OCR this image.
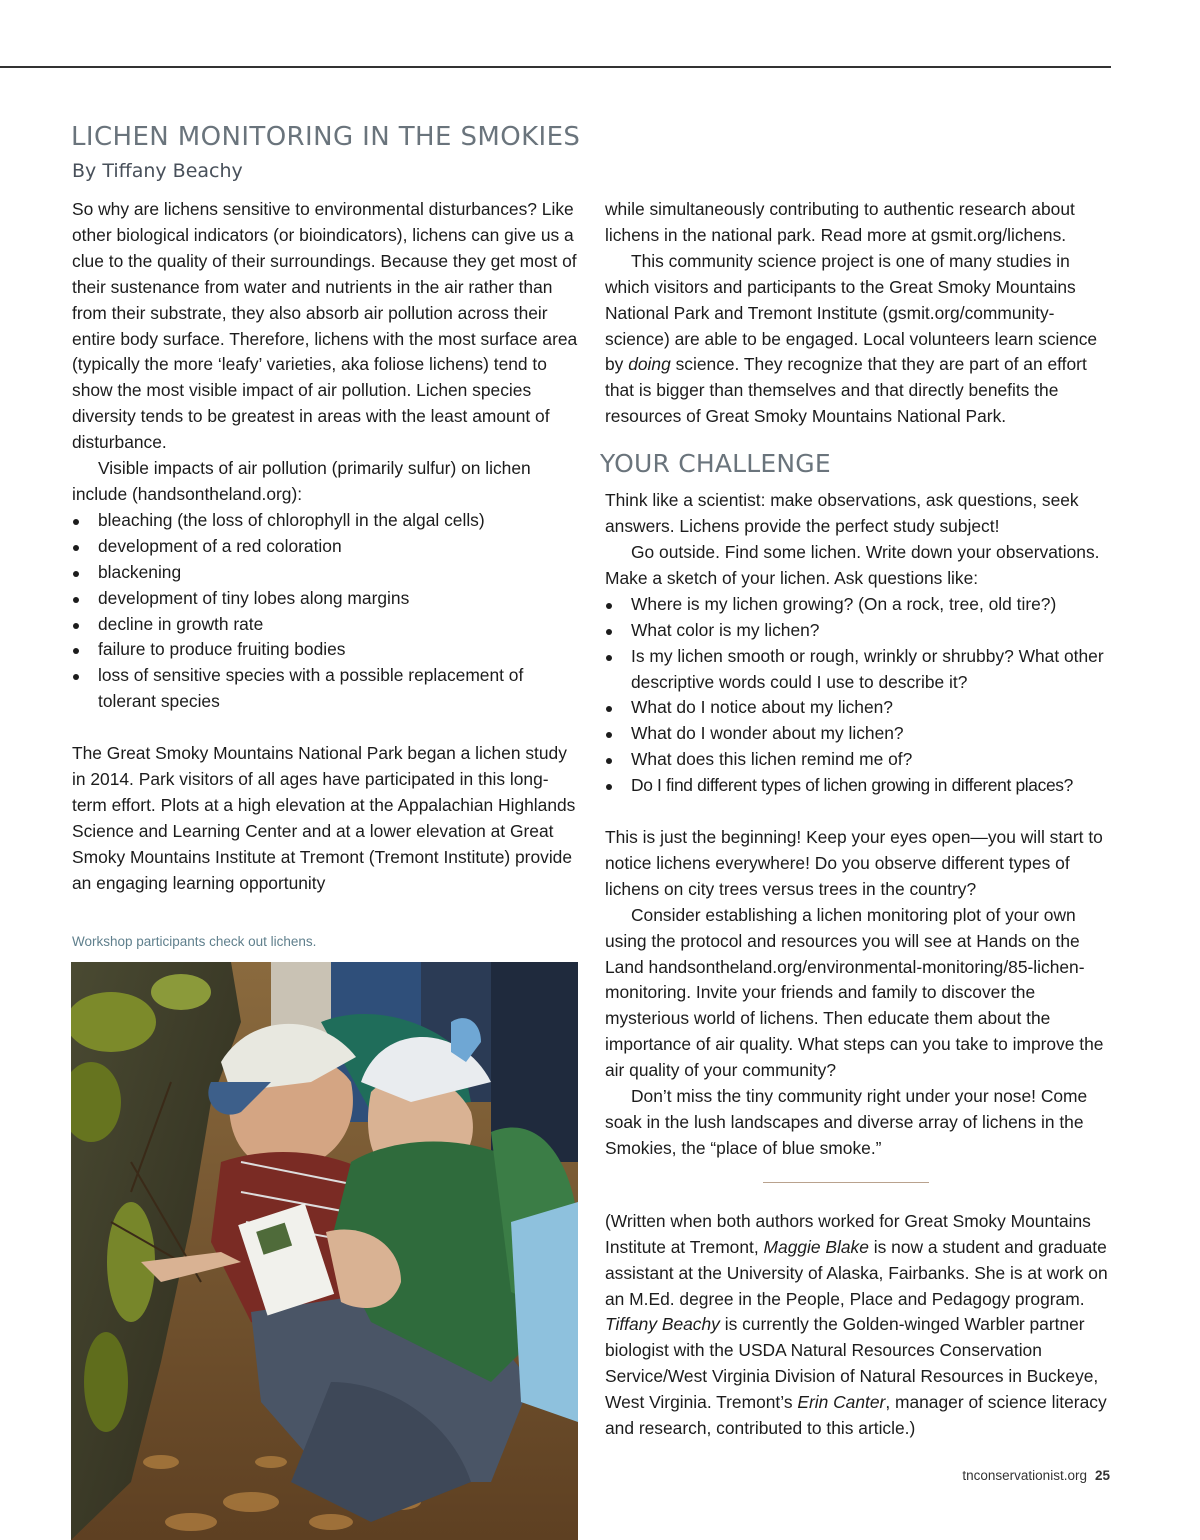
LICHEN MONITORING IN THE SMOKIES
By Tiffany Beachy

So why are lichens sensitive to environmental disturbances? Like other biological indicators (or bioindicators), lichens can give us a clue to the quality of their surroundings. Because they get most of their sustenance from water and nutrients in the air rather than from their substrate, they also absorb air pollution across their entire body surface. Therefore, lichens with the most surface area (typically the more ‘leafy’ varieties, aka foliose lichens) tend to show the most visible impact of air pollution. Lichen species diversity tends to be greatest in areas with the least amount of disturbance.

Visible impacts of air pollution (primarily sulfur) on lichen include (handsontheland.org):

bleaching (the loss of chlorophyll in the algal cells)
development of a red coloration
blackening
development of tiny lobes along margins
decline in growth rate
failure to produce fruiting bodies
loss of sensitive species with a possible replacement of tolerant species

The Great Smoky Mountains National Park began a lichen study in 2014. Park visitors of all ages have participated in this long-term effort. Plots at a high elevation at the Appalachian Highlands Science and Learning Center and at a lower elevation at Great Smoky Mountains Institute at Tremont (Tremont Institute) provide an engaging learning opportunity

Workshop participants check out lichens.

while simultaneously contributing to authentic research about lichens in the national park. Read more at gsmit.org/lichens.

This community science project is one of many studies in which visitors and participants to the Great Smoky Mountains National Park and Tremont Institute (gsmit.org/community-science) are able to be engaged. Local volunteers learn science by doing science. They recognize that they are part of an effort that is bigger than themselves and that directly benefits the resources of Great Smoky Mountains National Park.

YOUR CHALLENGE

Think like a scientist: make observations, ask questions, seek answers. Lichens provide the perfect study subject!

Go outside. Find some lichen. Write down your observations. Make a sketch of your lichen. Ask questions like:

Where is my lichen growing? (On a rock, tree, old tire?)
What color is my lichen?
Is my lichen smooth or rough, wrinkly or shrubby? What other descriptive words could I use to describe it?
What do I notice about my lichen?
What do I wonder about my lichen?
What does this lichen remind me of?
Do I find different types of lichen growing in different places?

This is just the beginning! Keep your eyes open—you will start to notice lichens everywhere! Do you observe different types of lichens on city trees versus trees in the country?

Consider establishing a lichen monitoring plot of your own using the protocol and resources you will see at Hands on the Land handsontheland.org/environmental-monitoring/85-lichen-monitoring. Invite your friends and family to discover the mysterious world of lichens. Then educate them about the importance of air quality. What steps can you take to improve the air quality of your community?

Don’t miss the tiny community right under your nose! Come soak in the lush landscapes and diverse array of lichens in the Smokies, the “place of blue smoke.”

(Written when both authors worked for Great Smoky Mountains Institute at Tremont, Maggie Blake is now a student and graduate assistant at the University of Alaska, Fairbanks. She is at work on an M.Ed. degree in the People, Place and Pedagogy program. Tiffany Beachy is currently the Golden-winged Warbler partner biologist with the USDA Natural Resources Conservation Service/West Virginia Division of Natural Resources in Buckeye, West Virginia. Tremont’s Erin Canter, manager of science literacy and research, contributed to this article.)

tnconservationist.org 25
